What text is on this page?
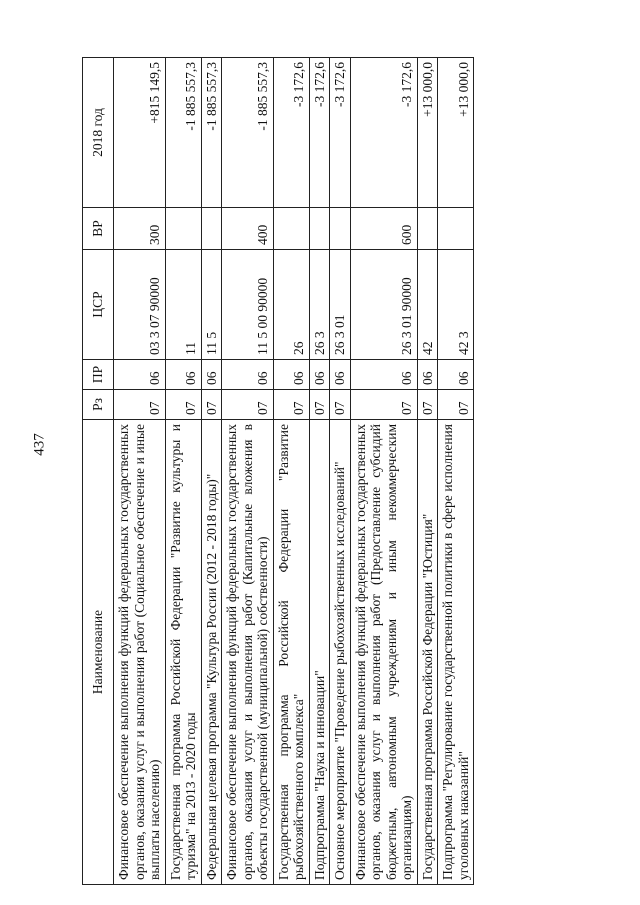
437
Наименование	Рз	ПР	ЦСР	ВР	2018 год
Финансовое обеспечение выполнения функций федеральных государственных органов, оказания услуг и выполнения работ (Социальное обеспечение и иные выплаты населению)	07	06	03 3 07 90000	300	+815 149,5
Государственная программа Российской Федерации "Развитие культуры и туризма" на 2013 - 2020 годы	07	06	11		-1 885 557,3
Федеральная целевая программа "Культура России (2012 - 2018 годы)"	07	06	11 5		-1 885 557,3
Финансовое обеспечение выполнения функций федеральных государственных органов, оказания услуг и выполнения работ (Капитальные вложения в объекты государственной (муниципальной) собственности)	07	06	11 5 00 90000	400	-1 885 557,3
Государственная программа Российской Федерации "Развитие рыбохозяйственного комплекса"	07	06	26		-3 172,6
Подпрограмма "Наука и инновации"	07	06	26 3		-3 172,6
Основное мероприятие "Проведение рыбохозяйственных исследований"	07	06	26 3 01		-3 172,6
Финансовое обеспечение выполнения функций федеральных государственных органов, оказания услуг и выполнения работ (Предоставление субсидий бюджетным, автономным учреждениям и иным некоммерческим организациям)	07	06	26 3 01 90000	600	-3 172,6
Государственная программа Российской Федерации "Юстиция"	07	06	42		+13 000,0
Подпрограмма "Регулирование государственной политики в сфере исполнения уголовных наказаний"	07	06	42 3		+13 000,0
